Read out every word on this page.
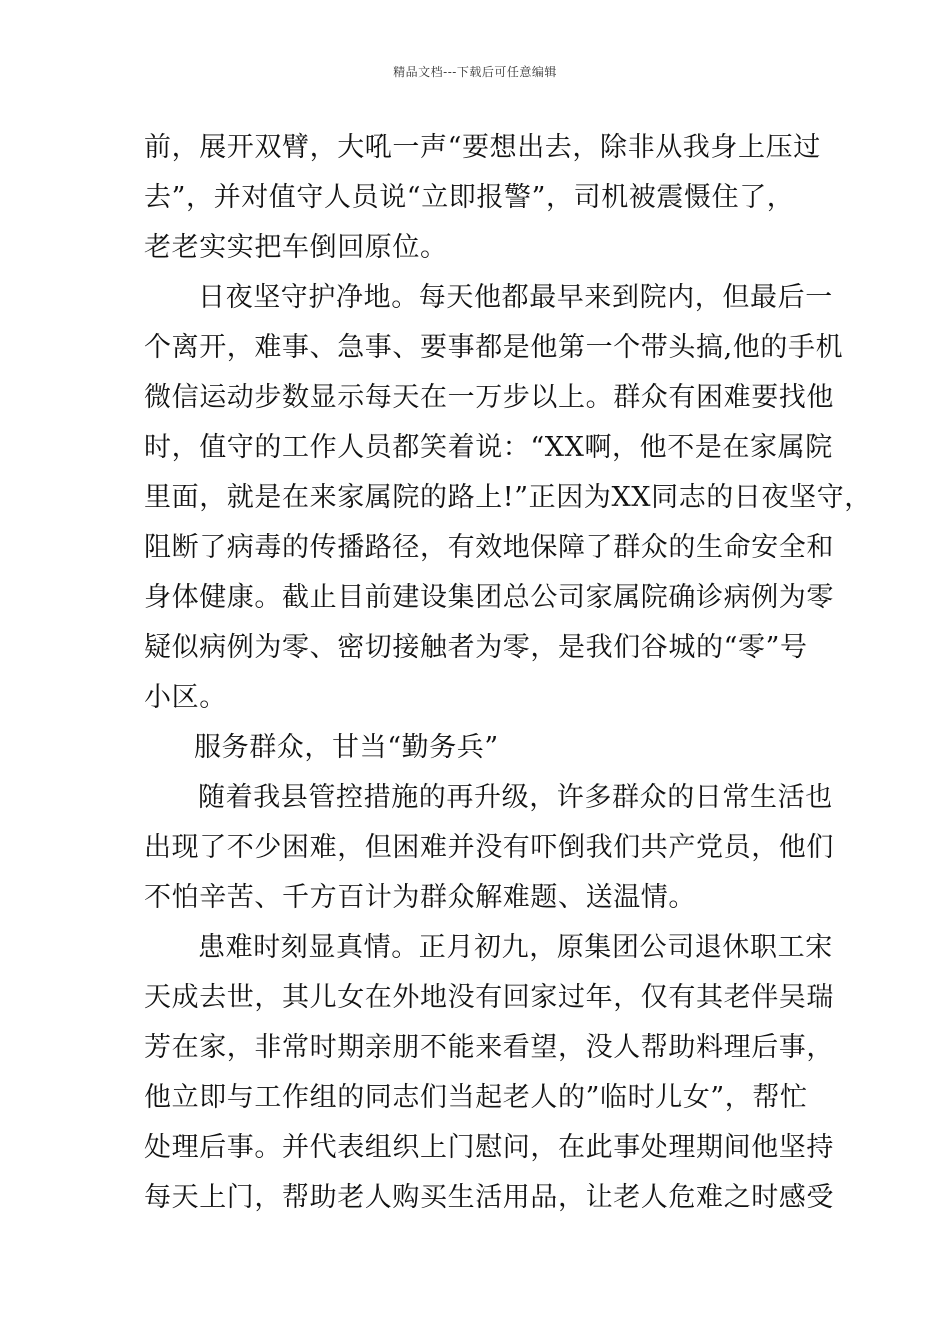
精品文档---下载后可任意编辑
前，展开双臂，大吼一声“要想出去，除非从我身上压过
去”，并对值守人员说“立即报警”，司机被震慑住了，
老老实实把车倒回原位。
日夜坚守护净地。每天他都最早来到院内，但最后一
个离开，难事、急事、要事都是他第一个带头搞,他的手机
微信运动步数显示每天在一万步以上。群众有困难要找他
时，值守的工作人员都笑着说：“XX啊，他不是在家属院
里面，就是在来家属院的路上!”正因为XX同志的日夜坚守，
阻断了病毒的传播路径，有效地保障了群众的生命安全和
身体健康。截止目前建设集团总公司家属院确诊病例为零
疑似病例为零、密切接触者为零，是我们谷城的“零”号
小区。
服务群众，甘当“勤务兵”
随着我县管控措施的再升级，许多群众的日常生活也
出现了不少困难，但困难并没有吓倒我们共产党员，他们
不怕辛苦、千方百计为群众解难题、送温情。
患难时刻显真情。正月初九，原集团公司退休职工宋
天成去世，其儿女在外地没有回家过年，仅有其老伴吴瑞
芳在家，非常时期亲朋不能来看望，没人帮助料理后事，
他立即与工作组的同志们当起老人的”临时儿女”，帮忙
处理后事。并代表组织上门慰问，在此事处理期间他坚持
每天上门，帮助老人购买生活用品，让老人危难之时感受
